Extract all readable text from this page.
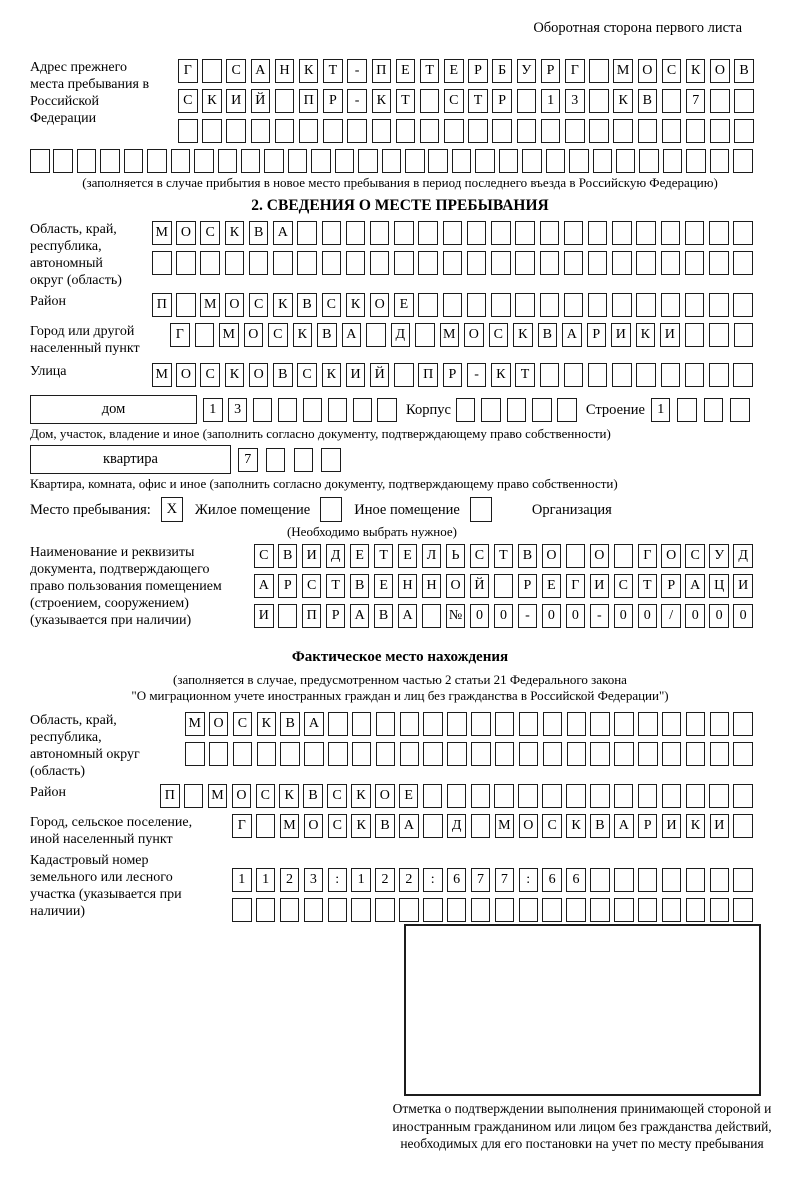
Оборотная сторона первого листа
Адрес прежнего места пребывания в Российской Федерации
Г	С	А	Н	К	Т	-	П	Е	Т	Е	Р	Б	У	Р	Г	М О	С	К	О	В
С	К	И	Й	П	Р	-	К	Т	С	Т	Р	1	3	К	В	7
(заполняется в случае прибытия в новое место пребывания в период последнего въезда в Российскую Федерацию)
2. СВЕДЕНИЯ О МЕСТЕ ПРЕБЫВАНИЯ
Область, край, республика, автономный округ (область)
М О	С	К	В	А
Район	П	М О	С	К	В	С	К	О	Е
Город или другой населенный пункт
Г	М О	С	К	В	А	Д	М О	С	К	В	А	Р	И	К	И
Улица	М О	С	К	О	В	С	К	И	Й	П	Р	-	К	Т
дом	1	3	Корпус	Строение 1
Дом, участок, владение и иное (заполнить согласно документу, подтверждающему право собственности)
квартира	7
Квартира, комната, офис и иное (заполнить согласно документу, подтверждающему право собственности)
Место пребывания:	X	Жилое помещение	Иное помещение	Организация
(Необходимо выбрать нужное)
Наименование и реквизиты документа, подтверждающего право пользования помещением (строением, сооружением) (указывается при наличии)
С	В	И	Д	Е	Т	Е	Л	Ь	С	Т	В	О	О	Г	О	С	У	Д
А	Р	С	Т	В	Е	Н Н О Й	Р	Е	Г	И	С	Т	Р	А Ц И
И	П	Р	А	В	А	№ 0	0	-	0	0	-	0	0	/	0	0	0
Фактическое место нахождения
(заполняется в случае, предусмотренном частью 2 статьи 21 Федерального закона
"О миграционном учете иностранных граждан и лиц без гражданства в Российской Федерации")
Область, край, республика, автономный округ (область)
М О	С	К	В	А
Район	П	М О	С	К	В	С	К	О	Е
Город, сельское поселение, иной населенный пункт
Г	М О	С	К	В	А	Д	М О	С	К	В	А	Р	И	К	И
Кадастровый номер земельного или лесного участка (указывается при наличии)
1	1	2	3	:	1	2	2	:	6	7	7	:	6	6
Отметка о подтверждении выполнения принимающей стороной и иностранным гражданином или лицом без гражданства действий, необходимых для его постановки на учет по месту пребывания
